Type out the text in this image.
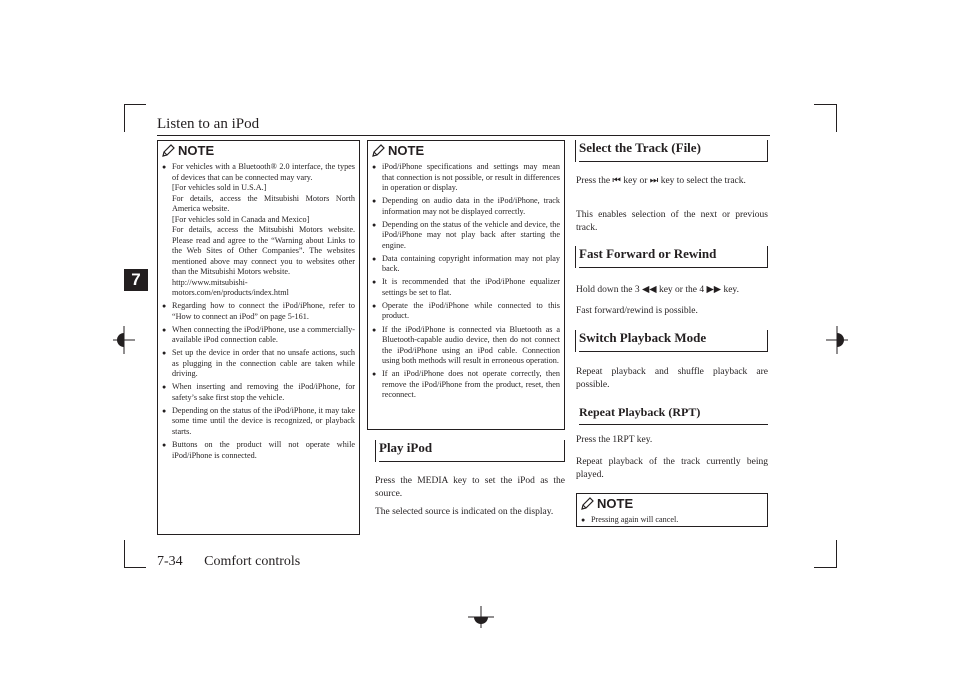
Listen to an iPod
7
NOTE
● For vehicles with a Bluetooth® 2.0 interface, the types of devices that can be connected may vary.
[For vehicles sold in U.S.A.]
For details, access the Mitsubishi Motors North America website.
[For vehicles sold in Canada and Mexico]
For details, access the Mitsubishi Motors website. Please read and agree to the “Warning about Links to the Web Sites of Other Companies”. The websites mentioned above may connect you to websites other than the Mitsubishi Motors website.
http://www.mitsubishi-motors.com/en/products/index.html
● Regarding how to connect the iPod/iPhone, refer to “How to connect an iPod” on page 5-161.
● When connecting the iPod/iPhone, use a commercially-available iPod connection cable.
● Set up the device in order that no unsafe actions, such as plugging in the connection cable are taken while driving.
● When inserting and removing the iPod/iPhone, for safety’s sake first stop the vehicle.
● Depending on the status of the iPod/iPhone, it may take some time until the device is recognized, or playback starts.
● Buttons on the product will not operate while iPod/iPhone is connected.
NOTE
● iPod/iPhone specifications and settings may mean that connection is not possible, or result in differences in operation or display.
● Depending on audio data in the iPod/iPhone, track information may not be displayed correctly.
● Depending on the status of the vehicle and device, the iPod/iPhone may not play back after starting the engine.
● Data containing copyright information may not play back.
● It is recommended that the iPod/iPhone equalizer settings be set to flat.
● Operate the iPod/iPhone while connected to this product.
● If the iPod/iPhone is connected via Bluetooth as a Bluetooth-capable audio device, then do not connect the iPod/iPhone using an iPod cable. Connection using both methods will result in erroneous operation.
● If an iPod/iPhone does not operate correctly, then remove the iPod/iPhone from the product, reset, then reconnect.
Play iPod
Press the MEDIA key to set the iPod as the source.
The selected source is indicated on the display.
Select the Track (File)
Press the ⏮ key or ⏭ key to select the track.
This enables selection of the next or previous track.
Fast Forward or Rewind
Hold down the 3 ◀◀ key or the 4 ▶▶ key.
Fast forward/rewind is possible.
Switch Playback Mode
Repeat playback and shuffle playback are possible.
Repeat Playback (RPT)
Press the 1RPT key.
Repeat playback of the track currently being played.
NOTE
● Pressing again will cancel.
7-34 Comfort controls
